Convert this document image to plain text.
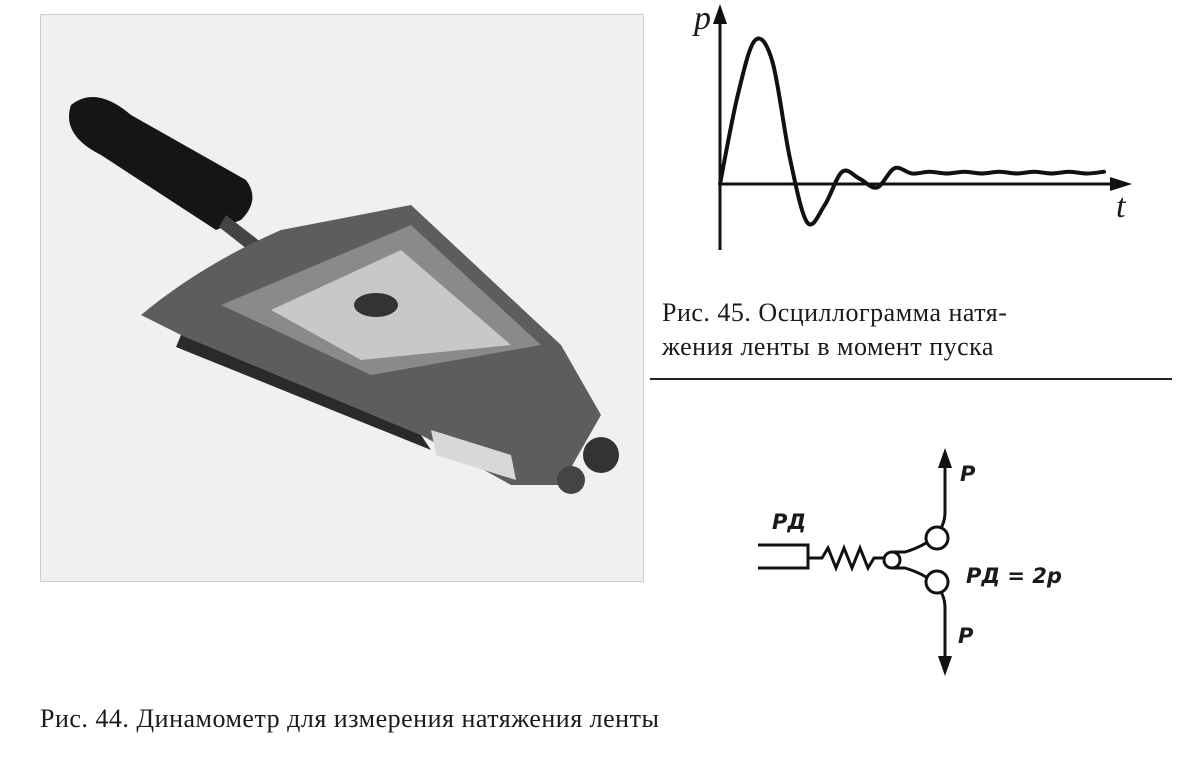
p
t
Рис. 45. Осциллограмма натя-
жения ленты в момент пуска
PД
P
P
PД = 2p
Рис. 44. Динамометр для измерения натяжения ленты
